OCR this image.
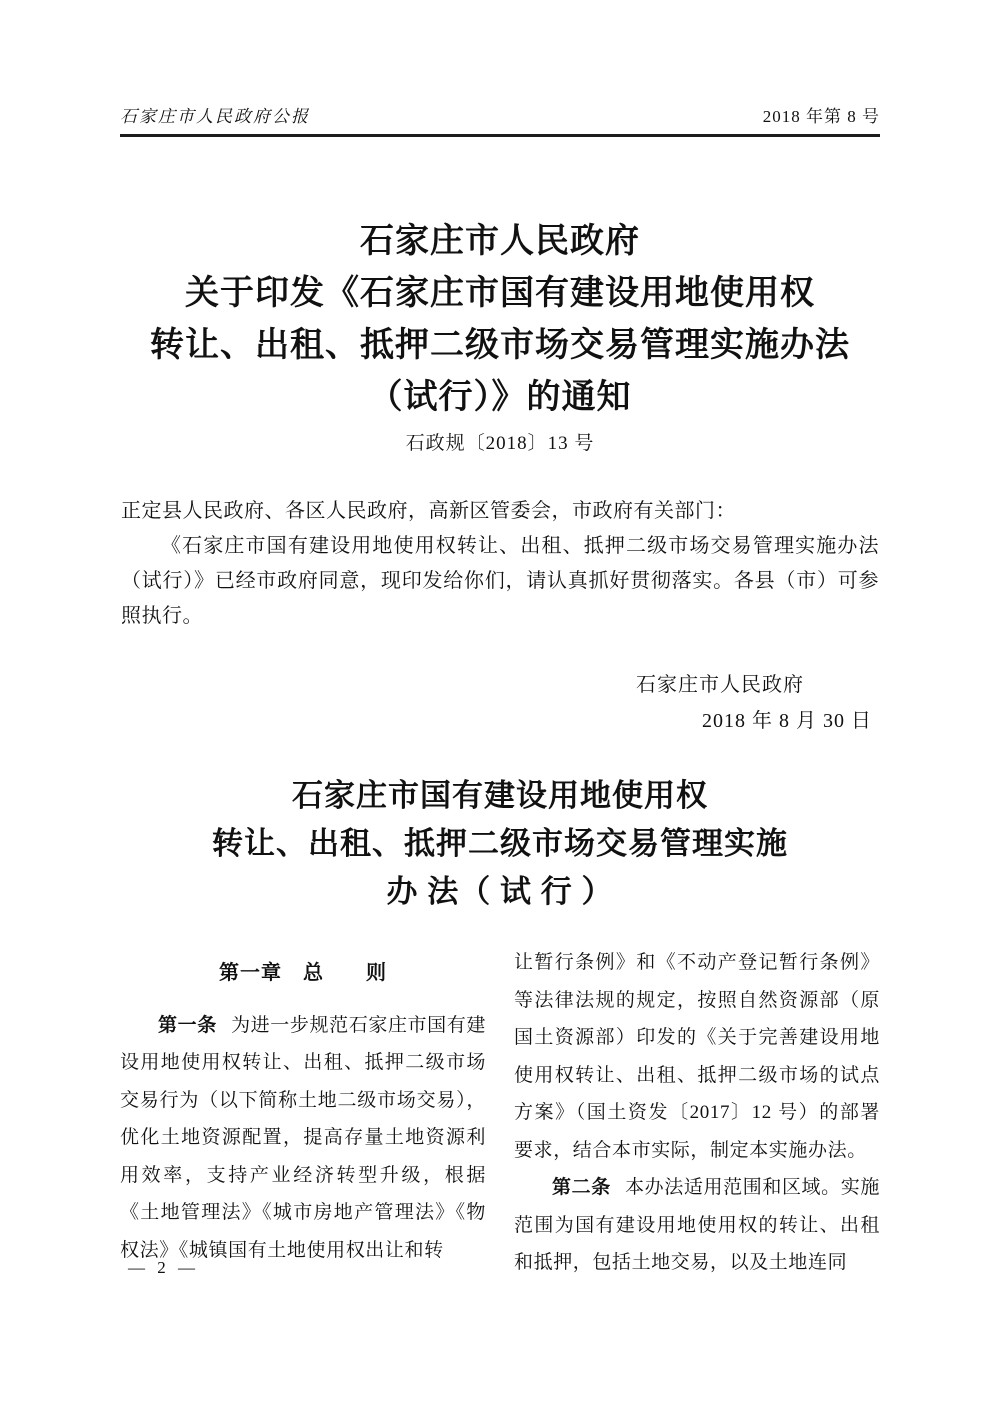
石家庄市人民政府公报	2018 年第 8 号
石家庄市人民政府
关于印发《石家庄市国有建设用地使用权
转让、出租、抵押二级市场交易管理实施办法
（试行）》的通知
石政规〔2018〕13 号

正定县人民政府、各区人民政府，高新区管委会，市政府有关部门：

《石家庄市国有建设用地使用权转让、出租、抵押二级市场交易管理实施办法（试行）》已经市政府同意，现印发给你们，请认真抓好贯彻落实。各县（市）可参照执行。

石家庄市人民政府
2018 年 8 月 30 日
石家庄市国有建设用地使用权
转让、出租、抵押二级市场交易管理实施
办 法（ 试 行 ）

第一章　总　　则

第一条 为进一步规范石家庄市国有建设用地使用权转让、出租、抵押二级市场交易行为（以下简称土地二级市场交易），优化土地资源配置，提高存量土地资源利用效率，支持产业经济转型升级，根据《土地管理法》《城市房地产管理法》《物权法》《城镇国有土地使用权出让和转

让暂行条例》和《不动产登记暂行条例》等法律法规的规定，按照自然资源部（原国土资源部）印发的《关于完善建设用地使用权转让、出租、抵押二级市场的试点方案》（国土资发〔2017〕12 号）的部署要求，结合本市实际，制定本实施办法。

第二条 本办法适用范围和区域。实施范围为国有建设用地使用权的转让、出租和抵押，包括土地交易，以及土地连同

— 2 —
